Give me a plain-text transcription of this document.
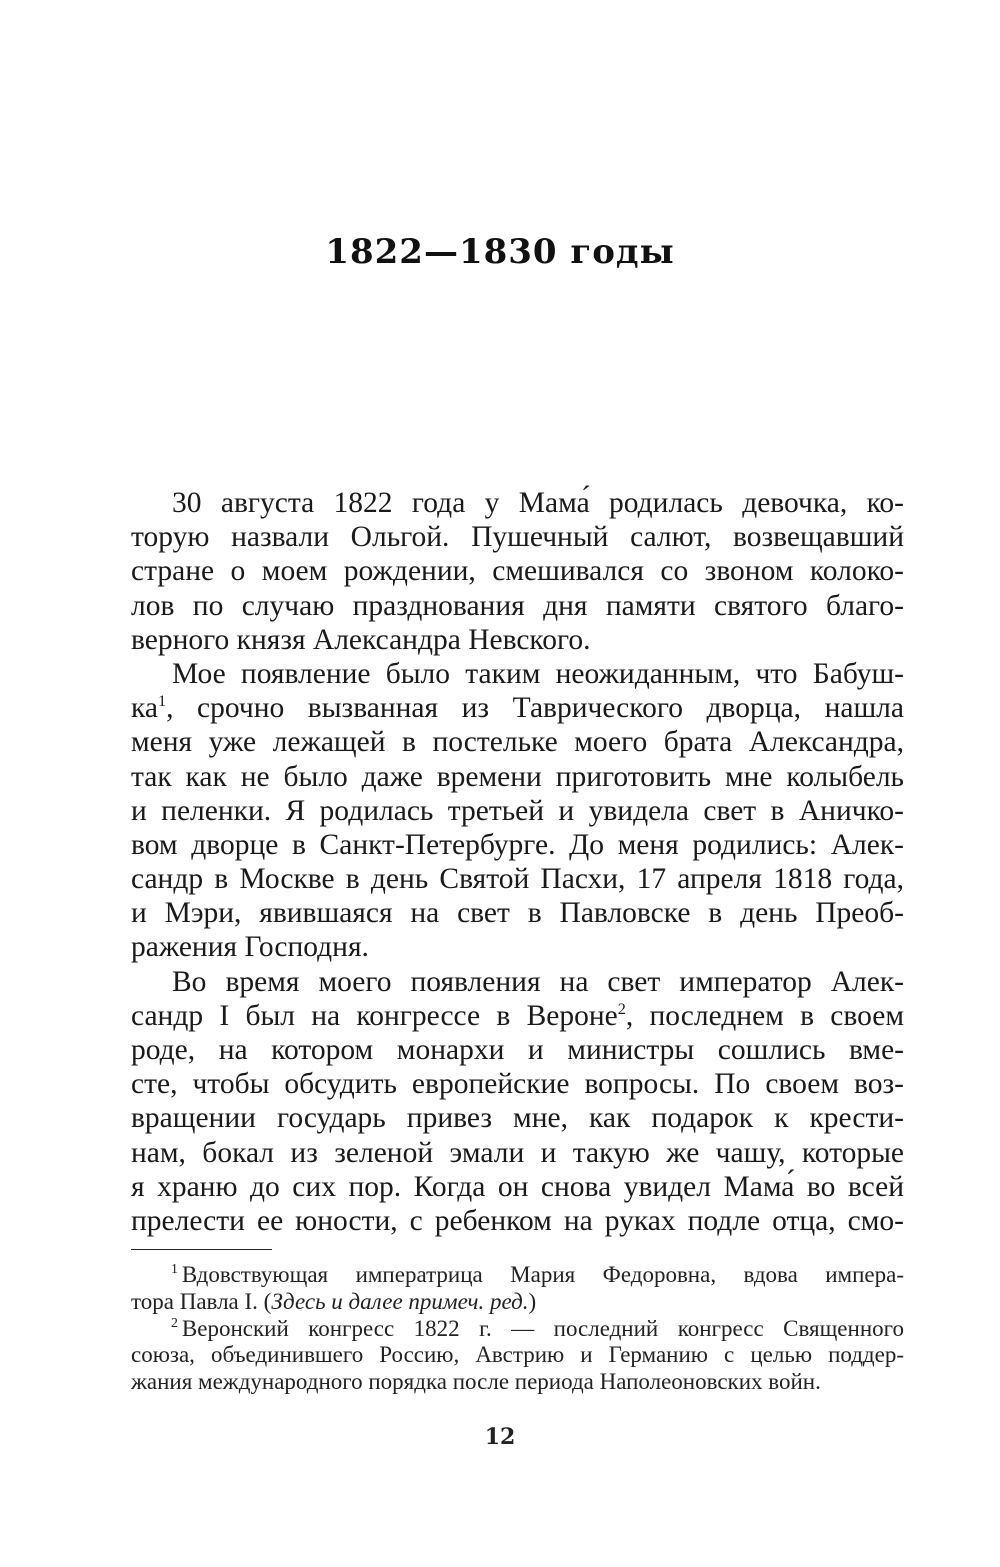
1822—1830 годы
30 августа 1822 года у Мама́ родилась девочка, ко-
торую назвали Ольгой. Пушечный салют, возвещавший
стране о моем рождении, смешивался со звоном колоко-
лов по случаю празднования дня памяти святого благо-
верного князя Александра Невского.
Мое появление было таким неожиданным, что Бабуш-
$ка^1$, срочно вызванная из Таврического дворца, нашла
меня уже лежащей в постельке моего брата Александра,
так как не было даже времени приготовить мне колыбель
и пеленки. Я родилась третьей и увидела свет в Аничко-
вом дворце в Санкт-Петербурге. До меня родились: Алек-
сандр в Москве в день Святой Пасхи, 17 апреля 1818 года,
и Мэри, явившаяся на свет в Павловске в день Преоб-
ражения Господня.
Во время моего появления на свет император Алек-
сандр I был на конгрессе в Вероне$^2$, последнем в своем
роде, на котором монархи и министры сошлись вме-
сте, чтобы обсудить европейские вопросы. По своем воз-
вращении государь привез мне, как подарок к крести-
нам, бокал из зеленой эмали и такую же чашу, которые
я храню до сих пор. Когда он снова увидел Мама́ во всей
прелести ее юности, с ребенком на руках подле отца, смо-
$^1$ Вдовствующая императрица Мария Федоровна, вдова импера-
тора Павла I. (Здесь и далее примеч. ред.)
$^2$ Веронский конгресс 1822 г. — последний конгресс Священного
союза, объединившего Россию, Австрию и Германию с целью поддер-
жания международного порядка после периода Наполеоновских войн.
12
